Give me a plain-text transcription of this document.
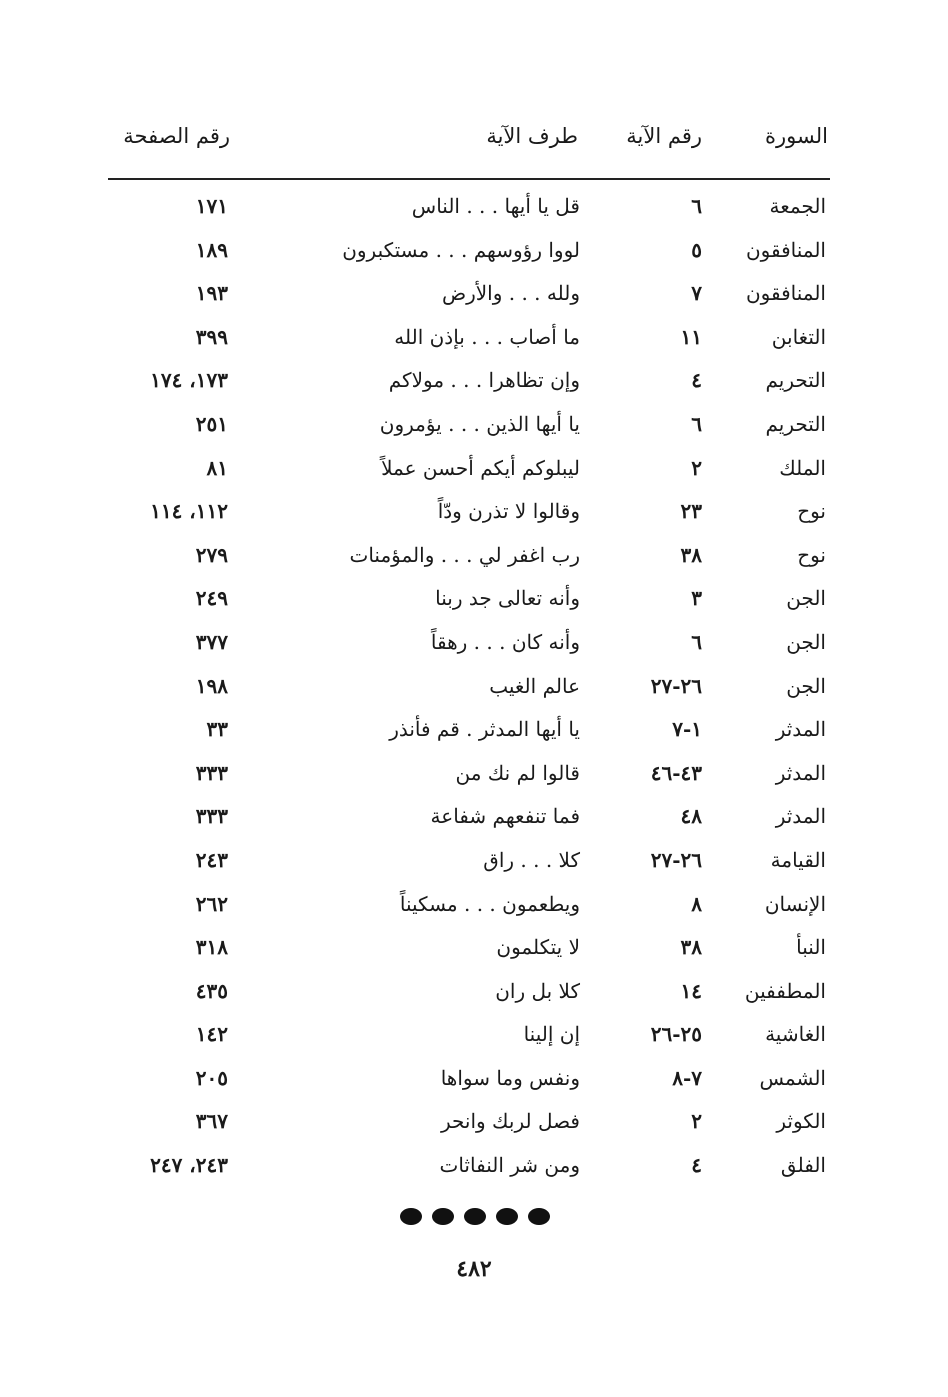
السورة
رقم الآية
طرف الآية
رقم الصفحة
الجمعة
٦
قل يا أيها . . . الناس
١٧١
المنافقون
٥
لووا رؤوسهم . . . مستكبرون
١٨٩
المنافقون
٧
ولله . . . والأرض
١٩٣
التغابن
١١
ما أصاب . . . بإذن الله
٣٩٩
التحريم
٤
وإن تظاهرا . . . مولاكم
١٧٣، ١٧٤
التحريم
٦
يا أيها الذين . . . يؤمرون
٢٥١
الملك
٢
ليبلوكم أيكم أحسن عملاً
٨١
نوح
٢٣
وقالوا لا تذرن ودّاً
١١٢، ١١٤
نوح
٣٨
رب اغفر لي . . . والمؤمنات
٢٧٩
الجن
٣
وأنه تعالى جد ربنا
٢٤٩
الجن
٦
وأنه كان . . . رهقاً
٣٧٧
الجن
٢٦-٢٧
عالم الغيب
١٩٨
المدثر
١-٧
يا أيها المدثر . قم فأنذر
٣٣
المدثر
٤٣-٤٦
قالوا لم نك من
٣٣٣
المدثر
٤٨
فما تنفعهم شفاعة
٣٣٣
القيامة
٢٦-٢٧
كلا . . . راق
٢٤٣
الإنسان
٨
ويطعمون . . . مسكيناً
٢٦٢
النبأ
٣٨
لا يتكلمون
٣١٨
المطففين
١٤
كلا بل ران
٤٣٥
الغاشية
٢٥-٢٦
إن إلينا
١٤٢
الشمس
٧-٨
ونفس وما سواها
٢٠٥
الكوثر
٢
فصل لربك وانحر
٣٦٧
الفلق
٤
ومن شر النفاثات
٢٤٣، ٢٤٧
٤٨٢
